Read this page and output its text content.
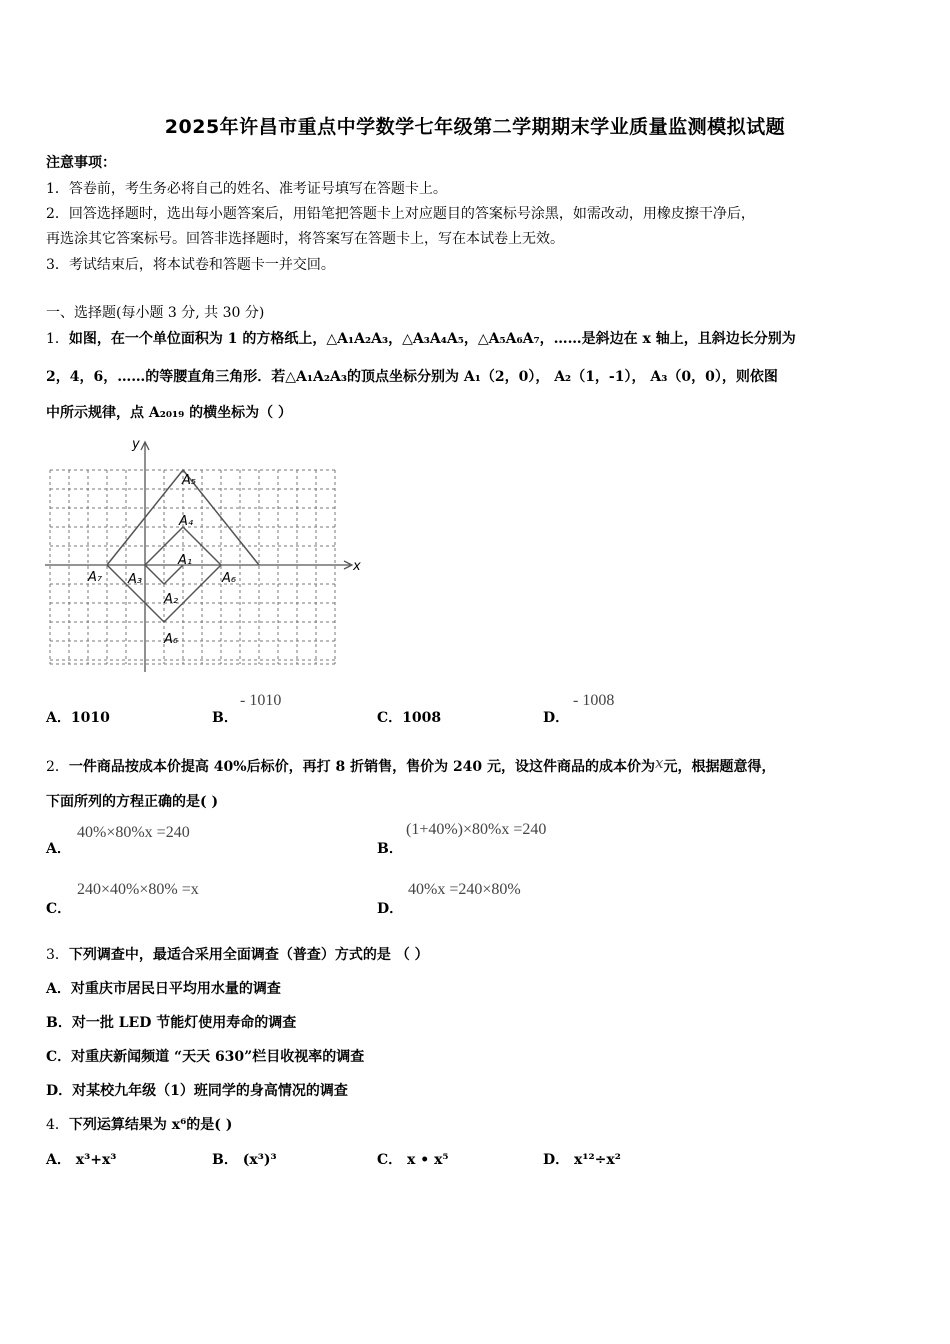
2025年许昌市重点中学数学七年级第二学期期末学业质量监测模拟试题
注意事项：
1．答卷前，考生务必将自己的姓名、准考证号填写在答题卡上。
2．回答选择题时，选出每小题答案后，用铅笔把答题卡上对应题目的答案标号涂黑，如需改动，用橡皮擦干净后，
再选涂其它答案标号。回答非选择题时，将答案写在答题卡上，写在本试卷上无效。
3．考试结束后，将本试卷和答题卡一并交回。
一、选择题(每小题 3 分, 共 30 分)
1．如图，在一个单位面积为 1 的方格纸上，△A₁A₂A₃，△A₃A₄A₅，△A₅A₆A₇，……是斜边在 x 轴上，且斜边长分别为
2，4，6，……的等腰直角三角形．若△A₁A₂A₃的顶点坐标分别为 A₁（2，0）， A₂（1，-1）， A₃（0，0），则依图
中所示规律，点 A₂₀₁₉ 的横坐标为（ ）
y
x
A₅
A₄
A₁
A₇ A₃	A₆
A₂
A₆
A．1010	B．
- 1010
C．1008	D．
- 1008
2．一件商品按成本价提高 40%后标价，再打 8 折销售，售价为 240 元，设这件商品的成本价为x元，根据题意得，
下面所列的方程正确的是( )
A．
40%×80%x =240
B．
(1+40%)×80%x =240
C．
240×40%×80% =x
D．
40%x =240×80%
3．下列调查中，最适合采用全面调查（普查）方式的是 （ ）
A．对重庆市居民日平均用水量的调查
B．对一批 LED 节能灯使用寿命的调查
C．对重庆新闻频道 “天天 630”栏目收视率的调查
D．对某校九年级（1）班同学的身高情况的调查
4．下列运算结果为 x⁶的是( )
A． x³+x³	B． (x³)³	C． x • x⁵	D． x¹²÷x²
